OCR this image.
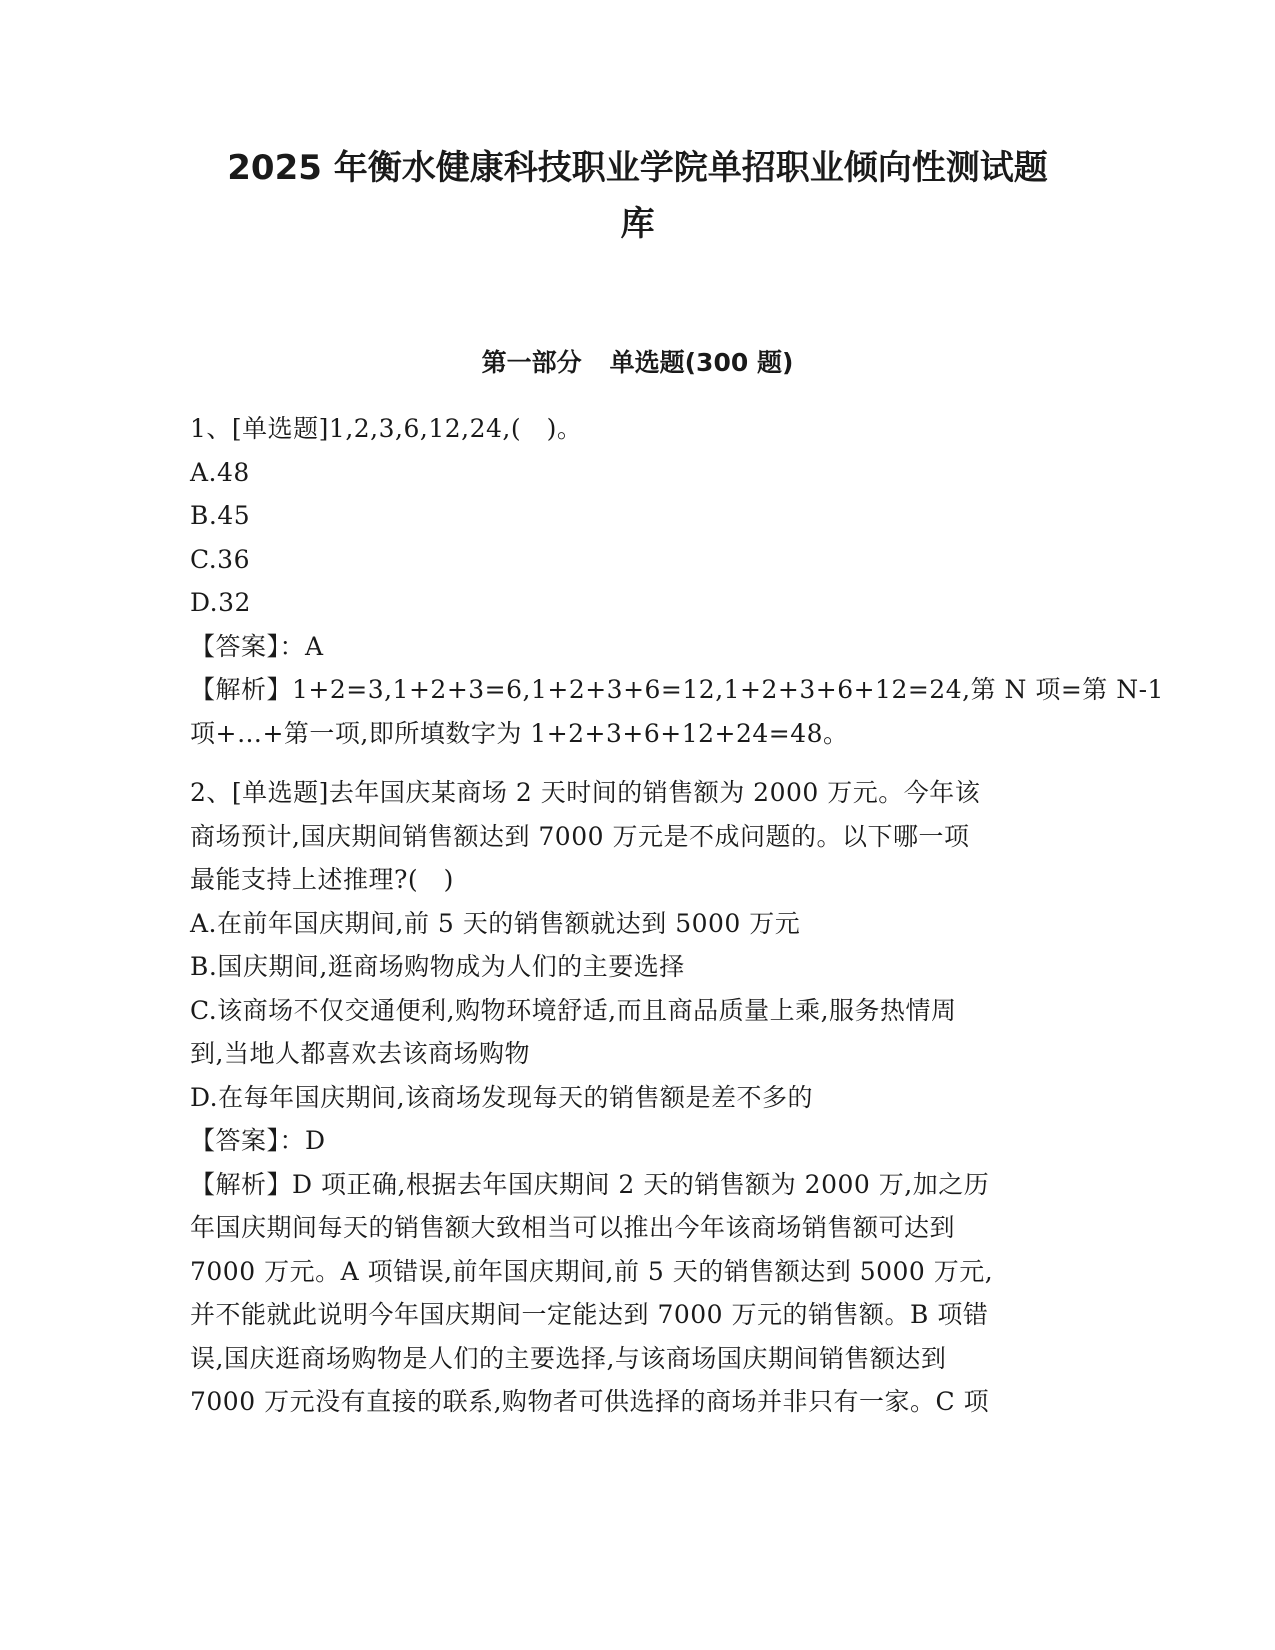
2025 年衡水健康科技职业学院单招职业倾向性测试题
库
第一部分 单选题(300 题)
1、[单选题]1,2,3,6,12,24,(　)。
A.48
B.45
C.36
D.32
【答案】：A
【解析】1+2=3,1+2+3=6,1+2+3+6=12,1+2+3+6+12=24,第 N 项=第 N-1
项+…+第一项,即所填数字为 1+2+3+6+12+24=48。
2、[单选题]去年国庆某商场 2 天时间的销售额为 2000 万元。今年该
商场预计,国庆期间销售额达到 7000 万元是不成问题的。以下哪一项
最能支持上述推理?(　)
A.在前年国庆期间,前 5 天的销售额就达到 5000 万元
B.国庆期间,逛商场购物成为人们的主要选择
C.该商场不仅交通便利,购物环境舒适,而且商品质量上乘,服务热情周
到,当地人都喜欢去该商场购物
D.在每年国庆期间,该商场发现每天的销售额是差不多的
【答案】：D
【解析】D 项正确,根据去年国庆期间 2 天的销售额为 2000 万,加之历
年国庆期间每天的销售额大致相当可以推出今年该商场销售额可达到
7000 万元。A 项错误,前年国庆期间,前 5 天的销售额达到 5000 万元,
并不能就此说明今年国庆期间一定能达到 7000 万元的销售额。B 项错
误,国庆逛商场购物是人们的主要选择,与该商场国庆期间销售额达到
7000 万元没有直接的联系,购物者可供选择的商场并非只有一家。C 项
